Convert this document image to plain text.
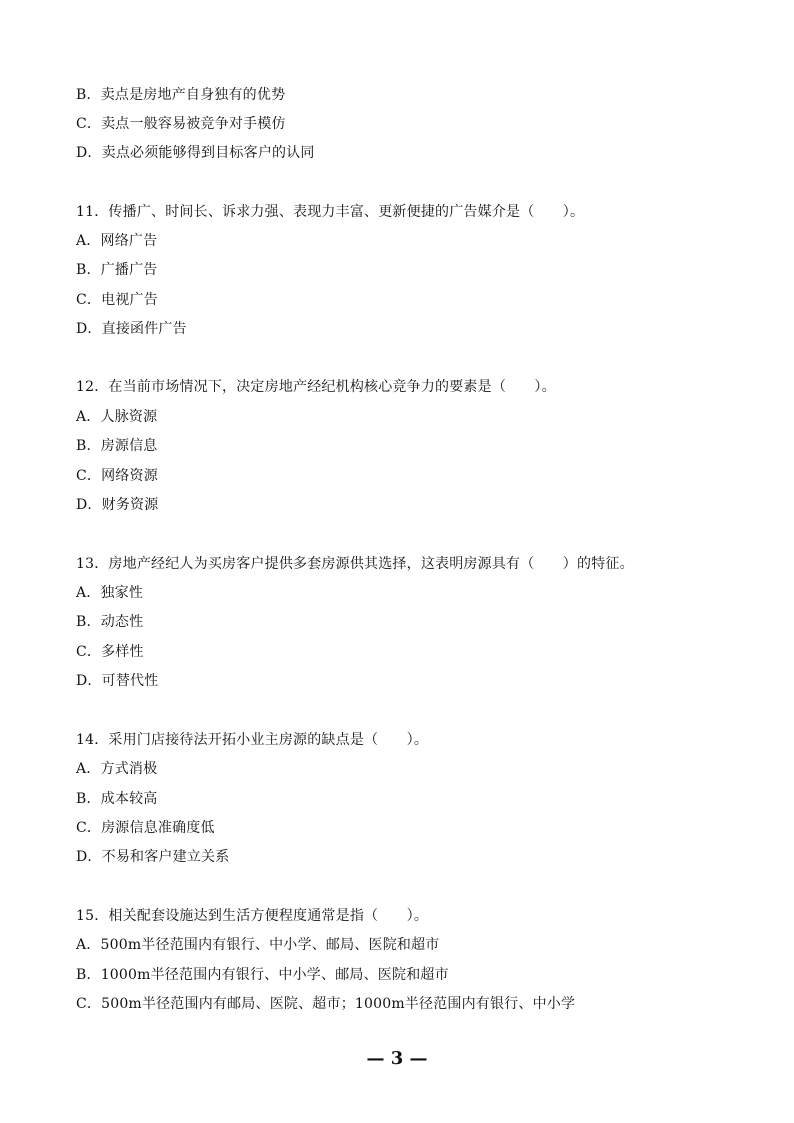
B．卖点是房地产自身独有的优势
C．卖点一般容易被竞争对手模仿
D．卖点必须能够得到目标客户的认同
11．传播广、时间长、诉求力强、表现力丰富、更新便捷的广告媒介是（　　）。
A．网络广告
B．广播广告
C．电视广告
D．直接函件广告
12．在当前市场情况下，决定房地产经纪机构核心竞争力的要素是（　　）。
A．人脉资源
B．房源信息
C．网络资源
D．财务资源
13．房地产经纪人为买房客户提供多套房源供其选择，这表明房源具有（　　）的特征。
A．独家性
B．动态性
C．多样性
D．可替代性
14．采用门店接待法开拓小业主房源的缺点是（　　）。
A．方式消极
B．成本较高
C．房源信息准确度低
D．不易和客户建立关系
15．相关配套设施达到生活方便程度通常是指（　　）。
A．500m半径范围内有银行、中小学、邮局、医院和超市
B．1000m半径范围内有银行、中小学、邮局、医院和超市
C．500m半径范围内有邮局、医院、超市；1000m半径范围内有银行、中小学
— 3 —
